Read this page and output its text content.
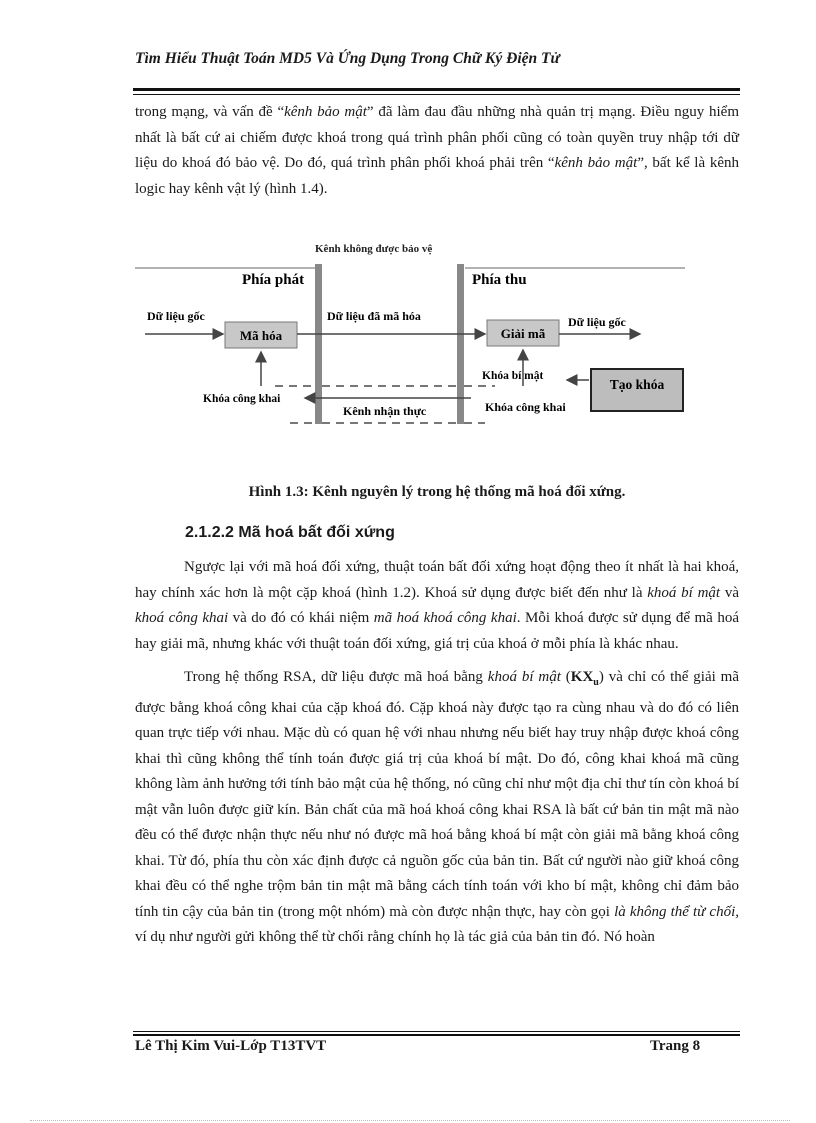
Tìm Hiểu Thuật Toán MD5 Và Ứng Dụng Trong Chữ Ký Điện Tử

trong mạng, và vấn đề “kênh bảo mật” đã làm đau đầu những nhà quản trị mạng. Điều nguy hiểm nhất là bất cứ ai chiếm được khoá trong quá trình phân phối cũng có toàn quyền truy nhập tới dữ liệu do khoá đó bảo vệ. Do đó, quá trình phân phối khoá phải trên “kênh bảo mật”, bất kể là kênh logic hay kênh vật lý (hình 1.4).

Kênh không được bảo vệ
Phía phát	Phía thu
Dữ liệu gốc
Mã hóa
Dữ liệu đã mã hóa
Giải mã
Dữ liệu gốc
Khóa công khai
Kênh nhận thực
Khóa bí mật
Tạo khóa
Khóa công khai
Hình 1.3: Kênh nguyên lý trong hệ thống mã hoá đối xứng.
2.1.2.2 Mã hoá bất đối xứng

Ngược lại với mã hoá đối xứng, thuật toán bất đối xứng hoạt động theo ít nhất là hai khoá, hay chính xác hơn là một cặp khoá (hình 1.2). Khoá sử dụng được biết đến như là khoá bí mật và khoá công khai và do đó có khái niệm mã hoá khoá công khai. Mỗi khoá được sử dụng để mã hoá hay giải mã, nhưng khác với thuật toán đối xứng, giá trị của khoá ở mỗi phía là khác nhau.

Trong hệ thống RSA, dữ liệu được mã hoá bằng khoá bí mật $(KX_u)$ và chỉ có thể giải mã được bằng khoá công khai của cặp khoá đó. Cặp khoá này được tạo ra cùng nhau và do đó có liên quan trực tiếp với nhau. Mặc dù có quan hệ với nhau nhưng nếu biết hay truy nhập được khoá công khai thì cũng không thể tính toán được giá trị của khoá bí mật. Do đó, công khai khoá mã cũng không làm ảnh hưởng tới tính bảo mật của hệ thống, nó cũng chỉ như một địa chỉ thư tín còn khoá bí mật vẫn luôn được giữ kín. Bản chất của mã hoá khoá công khai RSA là bất cứ bản tin mật mã nào đều có thể được nhận thực nếu như nó được mã hoá bằng khoá bí mật còn giải mã bằng khoá công khai. Từ đó, phía thu còn xác định được cả nguồn gốc của bản tin. Bất cứ người nào giữ khoá công khai đều có thể nghe trộm bản tin mật mã bằng cách tính toán với kho bí mật, không chỉ đảm bảo tính tin cậy của bản tin (trong một nhóm) mà còn được nhận thực, hay còn gọi là không thể từ chối, ví dụ như người gửi không thể từ chối rằng chính họ là tác giả của bản tin đó. Nó hoàn

Lê Thị Kim Vui-Lớp T13TVT	Trang 8
